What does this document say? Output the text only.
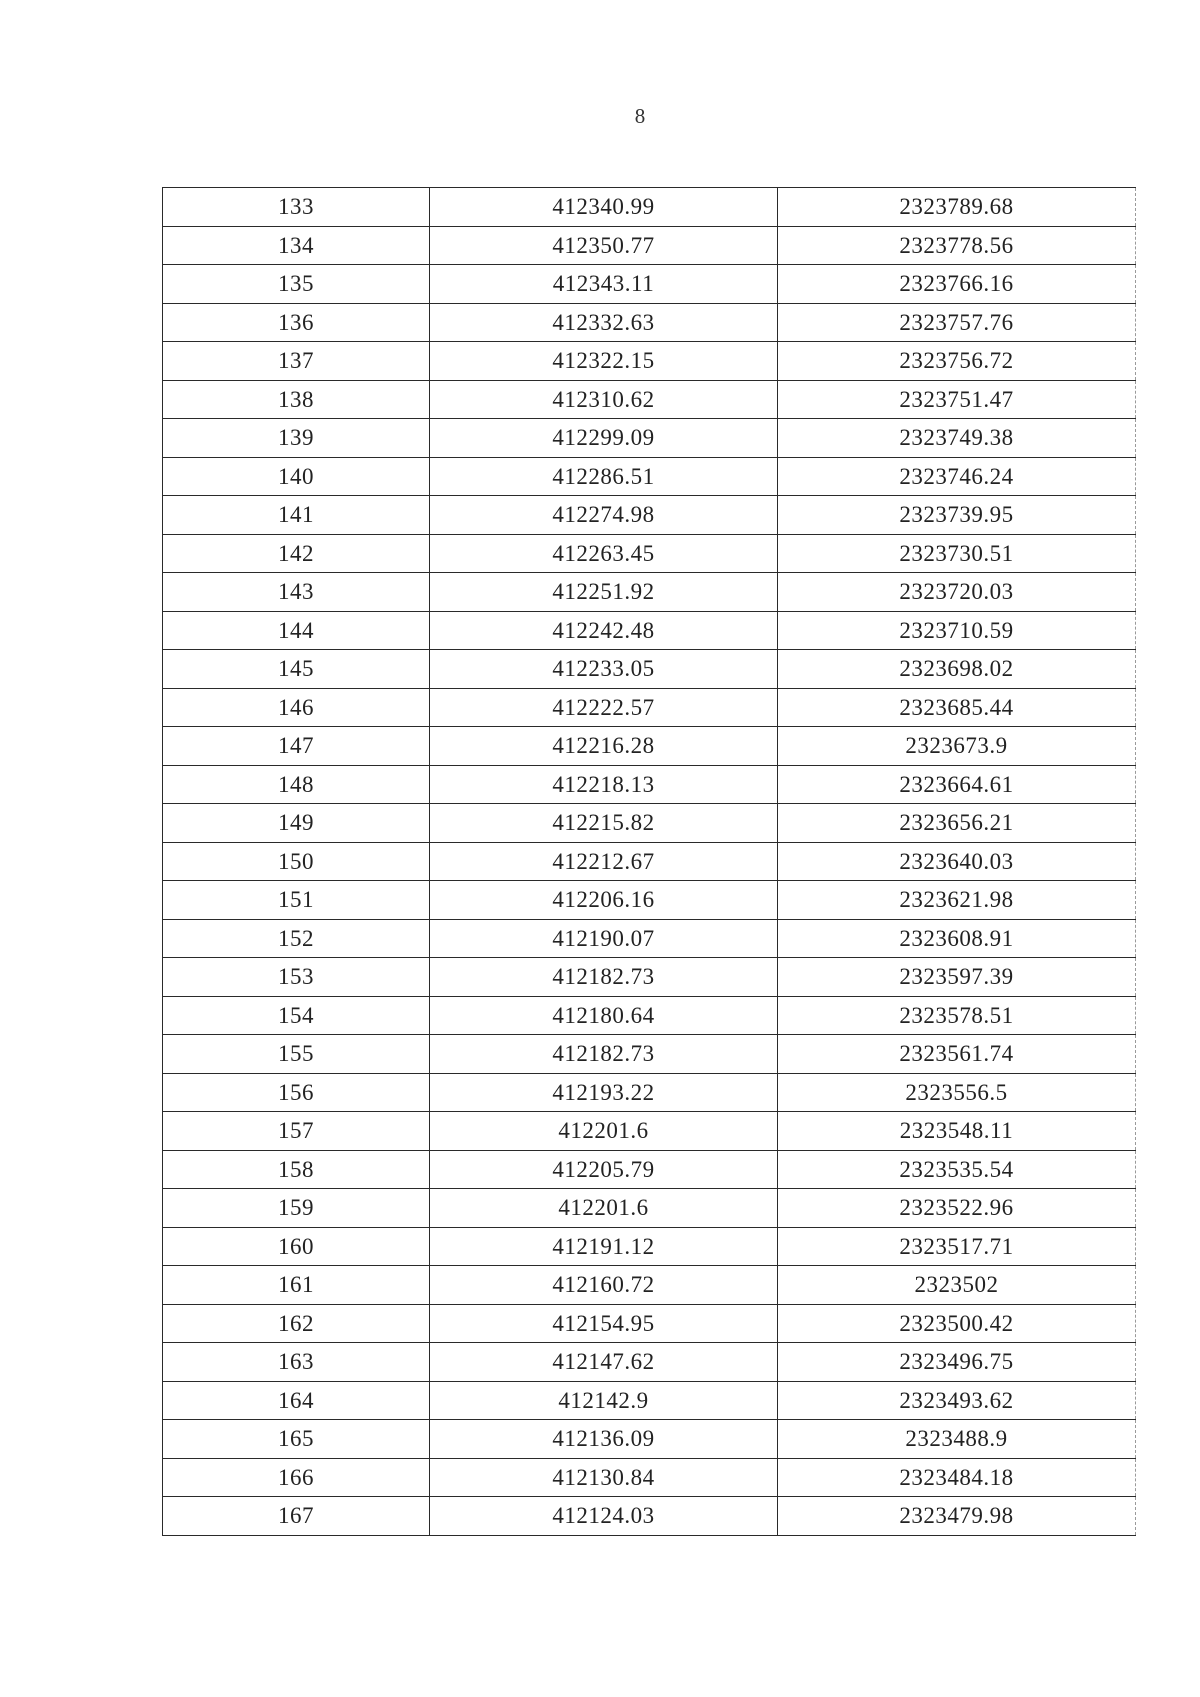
8
133	412340.99	2323789.68
134	412350.77	2323778.56
135	412343.11	2323766.16
136	412332.63	2323757.76
137	412322.15	2323756.72
138	412310.62	2323751.47
139	412299.09	2323749.38
140	412286.51	2323746.24
141	412274.98	2323739.95
142	412263.45	2323730.51
143	412251.92	2323720.03
144	412242.48	2323710.59
145	412233.05	2323698.02
146	412222.57	2323685.44
147	412216.28	2323673.9
148	412218.13	2323664.61
149	412215.82	2323656.21
150	412212.67	2323640.03
151	412206.16	2323621.98
152	412190.07	2323608.91
153	412182.73	2323597.39
154	412180.64	2323578.51
155	412182.73	2323561.74
156	412193.22	2323556.5
157	412201.6	2323548.11
158	412205.79	2323535.54
159	412201.6	2323522.96
160	412191.12	2323517.71
161	412160.72	2323502
162	412154.95	2323500.42
163	412147.62	2323496.75
164	412142.9	2323493.62
165	412136.09	2323488.9
166	412130.84	2323484.18
167	412124.03	2323479.98
